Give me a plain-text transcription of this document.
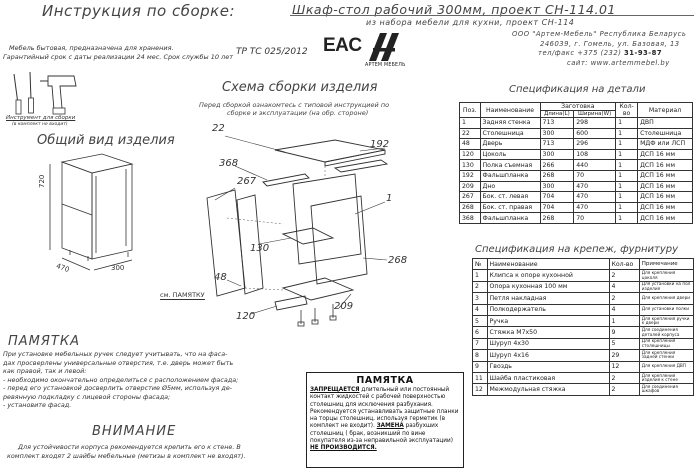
Инструкция по сборке:	Шкаф-стол рабочий 300мм, проект СН-114.01
из набора мебели для кухни, проект СН-114
ООО "Артем-Мебель" Республика Беларусь
246039, г. Гомель, ул. Базовая, 13
тел/факс +375 (232) 31-93-87
сайт: www.artemmebel.by
Мебель бытовая, предназначена для хранения.
Гарантийный срок с даты реализации 24 мес. Срок службы 10 лет
Инструмент для сборки
(в комплект не входит)
ТР ТС 025/2012 EAC
АРТЕМ МЕБЕЛЬ
Общий вид изделия
Схема сборки изделия
Перед сборкой ознакомтесь с типовой инструкцией по
сборке и эксплуатации (на обр. стороне)
720
470	300
22
192
368
267
1
130
268
48
см. ПАМЯТКУ
120
209
Спецификация на детали
Поз.	Наименование	Заготовка		Кол-во	Материал
		Длина(L)	Ширина(W)		
1	Задняя стенка	713	298	1	ДВП
22	Столешница	300	600	1	Столешница
48	Дверь	713	296	1	МДФ или ЛСП
120	Цоколь	300	108	1	ДСП 16 мм
130	Полка съемная	266	440	1	ДСП 16 мм
192	Фальшпланка	268	70	1	ДСП 16 мм
209	Дно	300	470	1	ДСП 16 мм
267	Бок. ст. левая	704	470	1	ДСП 16 мм
268	Бок. ст. правая	704	470	1	ДСП 16 мм
368	Фальшпланка	268	70	1	ДСП 16 мм
Спецификация на крепеж, фурнитуру
№	Наименование	Кол-во	Примечание
1	Клипса к опоре кухонной	2	Для крепления цоколя
2	Опора кухонная 100 мм	4	Для установки на пол изделия
3	Петля накладная	2	Для крепления двери
4	Полкодержатель	4	Для установки полки
5	Ручка	1	Для крепления ручки к двери
6	Стяжка М7х50	9	Для соединения деталей корпуса
7	Шуруп 4х30	5	Для крепления столешницы
8	Шуруп 4х16	29	Для крепления задней стенки
9	Гвоздь	12	Для крепления ДВП
11	Шайба пластиковая	2	Для крепления изделия к стене
12	Межмодульная стяжка	2	Для соединения шкафов
ПАМЯТКА
При установке мебельных ручек следует учитывать, что на фаса-
дах просверлены универсальные отверстия, т.е. дверь может быть
как правой, так и левой:
- необходимо окончательно определиться с расположением фасада;
- перед его установкой досверлить отверстие Ø5мм, используя де-
ревянную подкладку с лицевой стороны фасада;
- установите фасад.
ВНИМАНИЕ
Для устойчивости корпуса рекомендуется крепить его к стене. В
комплект входят 2 шайбы мебельные (метизы в комплект не входят).
ПАМЯТКА
ЗАПРЕЩАЕТСЯ длительный или постоянный контакт жидкостей с рабочей поверхностью столешниц для исключения разбухания. Рекомендуется устанавливать защитные планки на торцы столешниц, используя герметик (в комплект не входит). ЗАМЕНА разбухших столешниц ( брак, возникший по вине покупателя из-за неправильной эксплуатации) НЕ ПРОИЗВОДИТСЯ.
